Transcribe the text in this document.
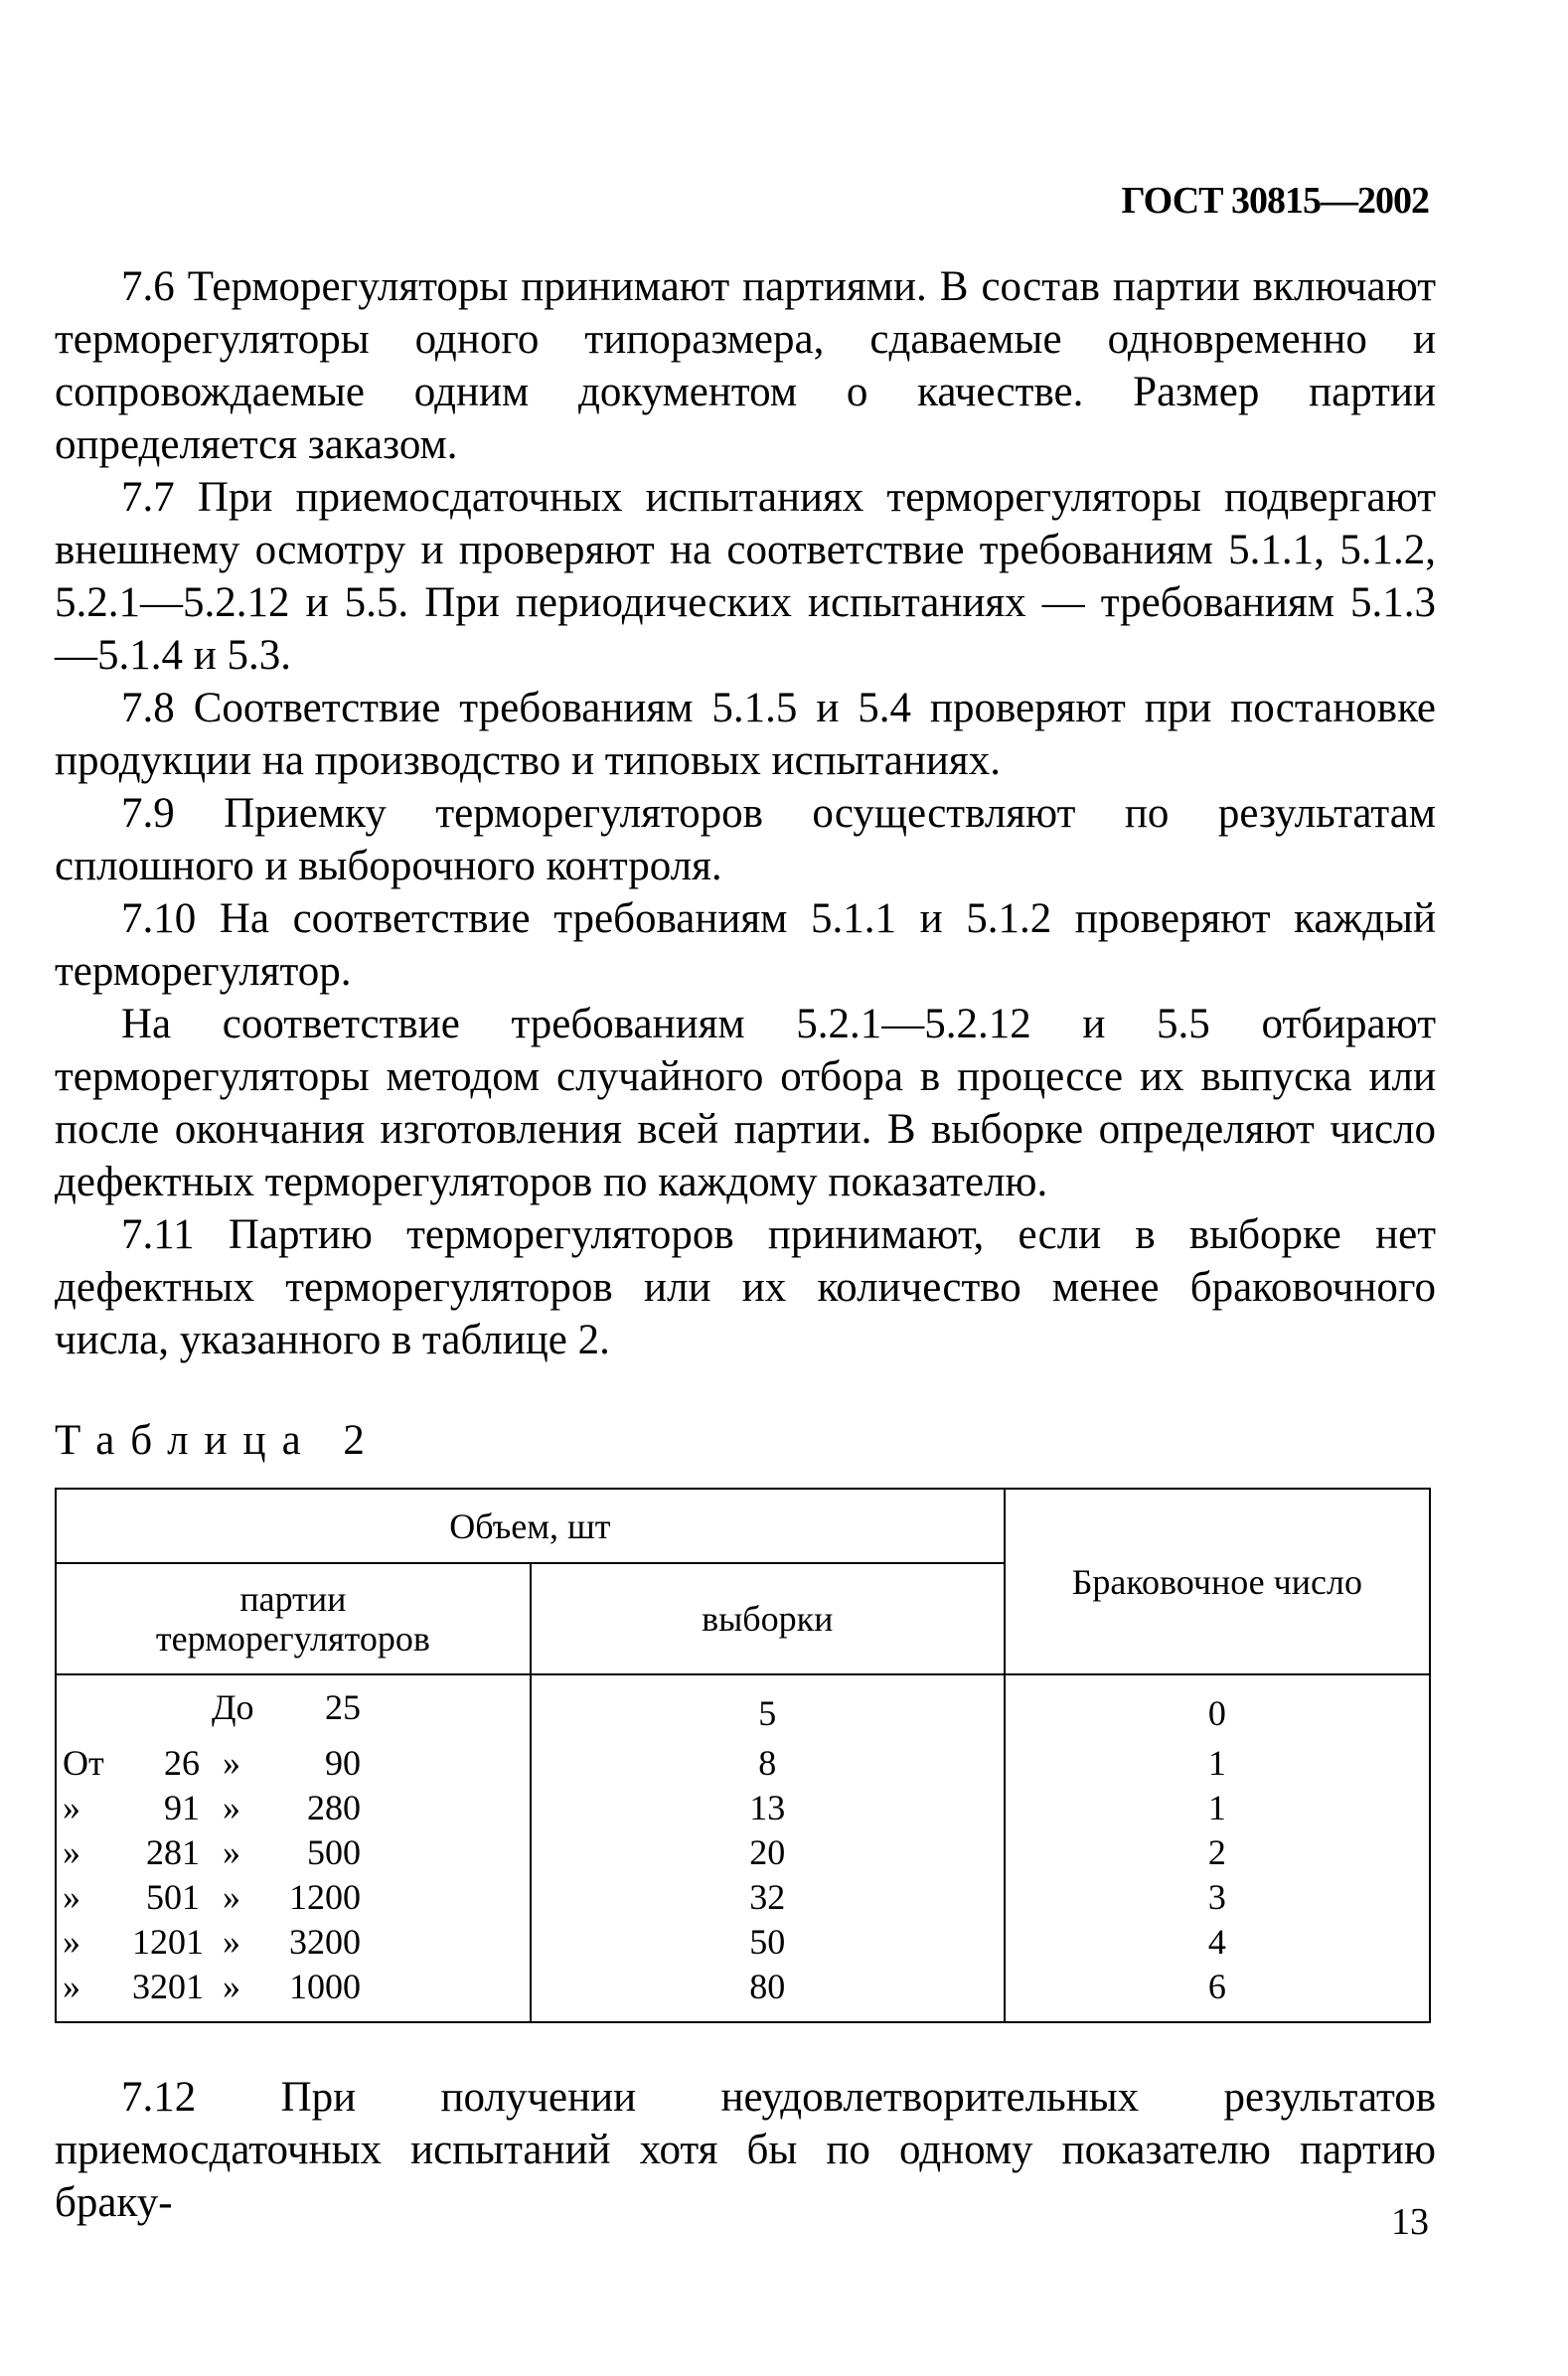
ГОСТ 30815—2002

7.6 Терморегуляторы принимают партиями. В состав партии включают терморегуляторы одного типоразмера, сдаваемые одновременно и сопровождаемые одним документом о качестве. Размер партии определяется заказом.

7.7 При приемосдаточных испытаниях терморегуляторы подвергают внешнему осмотру и проверяют на соответствие требованиям 5.1.1, 5.1.2, 5.2.1—5.2.12 и 5.5. При периодических испытаниях — требованиям 5.1.3—5.1.4 и 5.3.

7.8 Соответствие требованиям 5.1.5 и 5.4 проверяют при постановке продукции на производство и типовых испытаниях.

7.9 Приемку терморегуляторов осуществляют по результатам сплошного и выборочного контроля.

7.10 На соответствие требованиям 5.1.1 и 5.1.2 проверяют каждый терморегулятор.

На соответствие требованиям 5.2.1—5.2.12 и 5.5 отбирают терморегуляторы методом случайного отбора в процессе их выпуска или после окончания изготовления всей партии. В выборке определяют число дефектных терморегуляторов по каждому показателю.

7.11 Партию терморегуляторов принимают, если в выборке нет дефектных терморегуляторов или их количество менее браковочного числа, указанного в таблице 2.

Таблица 2
Объем, шт		Браковочное число
партии терморегуляторов	выборки	

До 25	5	0

От 26 » 90	8	1

» 91 » 280	13	1

» 281 » 500	20	2

» 501 » 1200	32	3

» 1201 » 3200	50	4

» 3201 » 1000	80	6

7.12 При получении неудовлетворительных результатов приемосдаточных испытаний хотя бы по одному показателю партию браку-	13
